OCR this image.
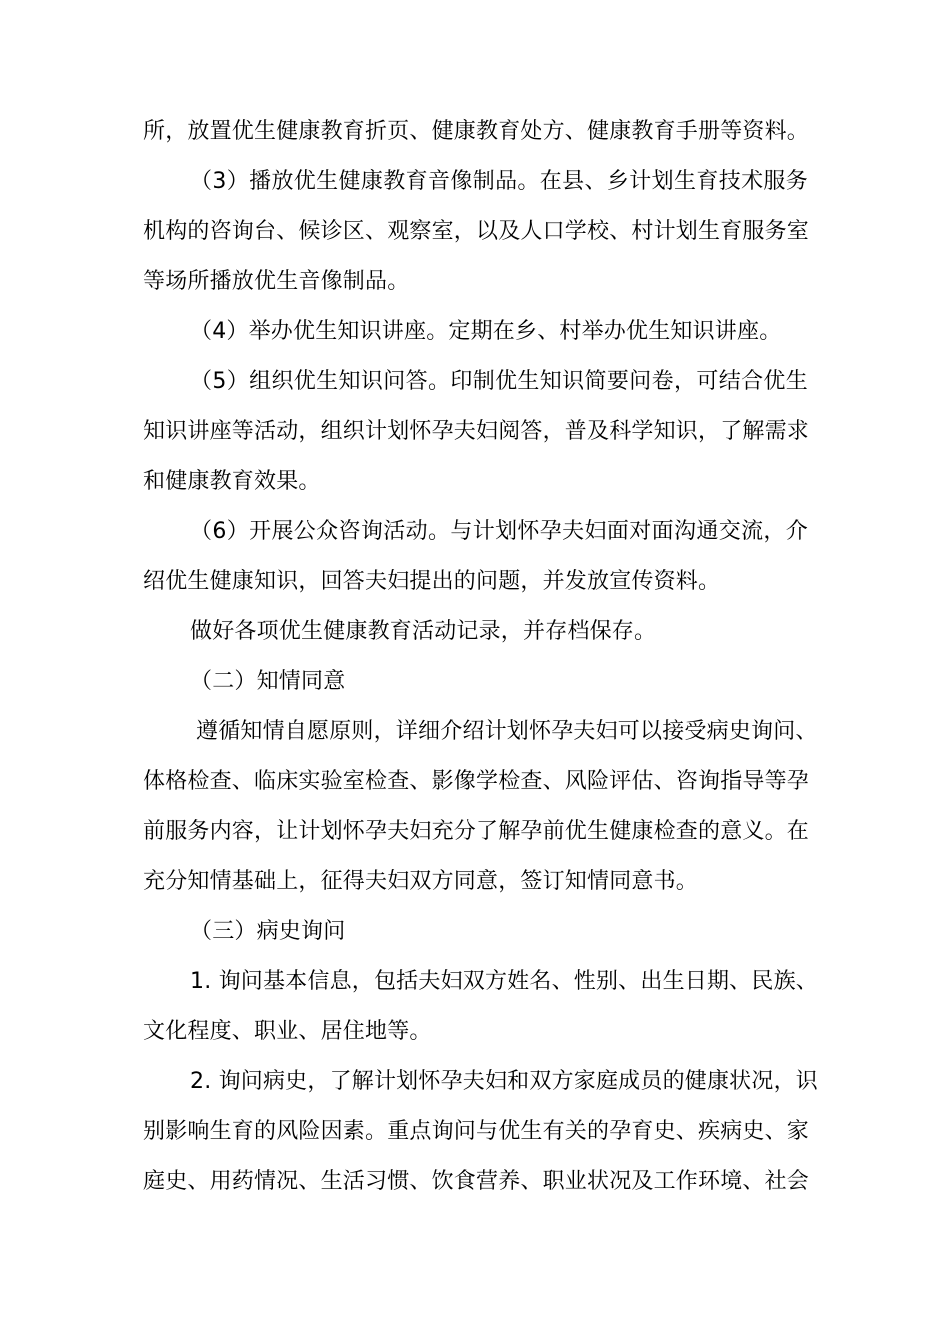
所，放置优生健康教育折页、健康教育处方、健康教育手册等资料。
（3）播放优生健康教育音像制品。在县、乡计划生育技术服务
机构的咨询台、候诊区、观察室，以及人口学校、村计划生育服务室
等场所播放优生音像制品。
（4）举办优生知识讲座。定期在乡、村举办优生知识讲座。
（5）组织优生知识问答。印制优生知识简要问卷，可结合优生
知识讲座等活动，组织计划怀孕夫妇阅答，普及科学知识，了解需求
和健康教育效果。
（6）开展公众咨询活动。与计划怀孕夫妇面对面沟通交流，介
绍优生健康知识，回答夫妇提出的问题，并发放宣传资料。
做好各项优生健康教育活动记录，并存档保存。
（二）知情同意
遵循知情自愿原则，详细介绍计划怀孕夫妇可以接受病史询问、
体格检查、临床实验室检查、影像学检查、风险评估、咨询指导等孕
前服务内容，让计划怀孕夫妇充分了解孕前优生健康检查的意义。在
充分知情基础上，征得夫妇双方同意，签订知情同意书。
（三）病史询问
1. 询问基本信息，包括夫妇双方姓名、性别、出生日期、民族、
文化程度、职业、居住地等。
2. 询问病史，了解计划怀孕夫妇和双方家庭成员的健康状况，识
别影响生育的风险因素。重点询问与优生有关的孕育史、疾病史、家
庭史、用药情况、生活习惯、饮食营养、职业状况及工作环境、社会
